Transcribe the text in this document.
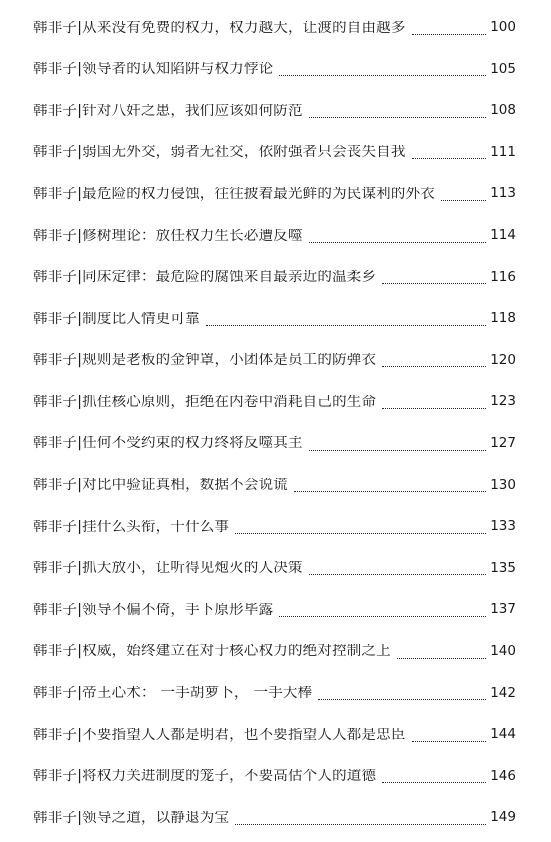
韩非子|从来没有免费的权力，权力越大，让渡的自由越多	100
韩非子|领导者的认知陷阱与权力悖论	105
韩非子|针对八奸之患，我们应该如何防范	108
韩非子|弱国无外交，弱者无社交，依附强者只会丧失自我	111
韩非子|最危险的权力侵蚀，往往披着最光鲜的为民谋利的外衣	113
韩非子|修树理论：放任权力生长必遭反噬	114
韩非子|同床定律：最危险的腐蚀来自最亲近的温柔乡	116
韩非子|制度比人情更可靠	118
韩非子|规则是老板的金钟罩，小团体是员工的防弹衣	120
韩非子|抓住核心原则，拒绝在内卷中消耗自己的生命	123
韩非子|任何不受约束的权力终将反噬其主	127
韩非子|对比中验证真相，数据不会说谎	130
韩非子|挂什么头衔，干什么事	133
韩非子|抓大放小，让听得见炮火的人决策	135
韩非子|领导不偏不倚，手下原形毕露	137
韩非子|权威，始终建立在对于核心权力的绝对控制之上	140
韩非子|帝王心术： 一手胡萝卜， 一手大棒	142
韩非子|不要指望人人都是明君，也不要指望人人都是忠臣	144
韩非子|将权力关进制度的笼子，不要高估个人的道德	146
韩非子|领导之道，以静退为宝	149
